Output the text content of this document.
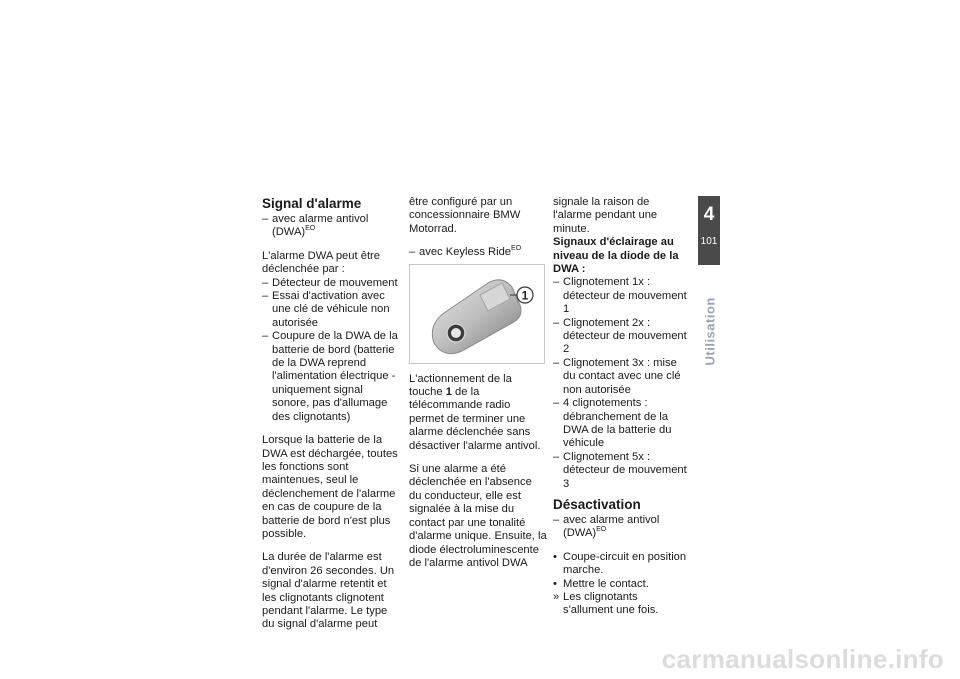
Signal d'alarme
– avec alarme antivol (DWA)$^{EO}$

L'alarme DWA peut être déclenchée par :

– Détecteur de mouvement
– Essai d'activation avec une clé de véhicule non autorisée
– Coupure de la DWA de la batterie de bord (batterie de la DWA reprend l'alimentation électrique - uniquement signal sonore, pas d'allumage des clignotants)

Lorsque la batterie de la DWA est déchargée, toutes les fonctions sont maintenues, seul le déclenchement de l'alarme en cas de coupure de la batterie de bord n'est plus possible.

La durée de l'alarme est d'environ 26 secondes. Un signal d'alarme retentit et les clignotants clignotent pendant l'alarme. Le type du signal d'alarme peut

être configuré par un concessionnaire BMW Motorrad.

– avec Keyless Ride$^{EO}$
1

L'actionnement de la touche 1 de la télécommande radio permet de terminer une alarme déclenchée sans désactiver l'alarme antivol.

Si une alarme a été déclenchée en l'absence du conducteur, elle est signalée à la mise du contact par une tonalité d'alarme unique. Ensuite, la diode électroluminescente de l'alarme antivol DWA

signale la raison de l'alarme pendant une minute.

Signaux d'éclairage au niveau de la diode de la DWA :
– Clignotement 1x : détecteur de mouvement 1
– Clignotement 2x : détecteur de mouvement 2
– Clignotement 3x : mise du contact avec une clé non autorisée
– 4 clignotements : débranchement de la DWA de la batterie du véhicule
– Clignotement 5x : détecteur de mouvement 3
Désactivation
– avec alarme antivol (DWA)$^{EO}$
• Coupe-circuit en position marche.
• Mettre le contact.
» Les clignotants s'allument une fois.
4
101
Utilisation
carmanualsonline.info
